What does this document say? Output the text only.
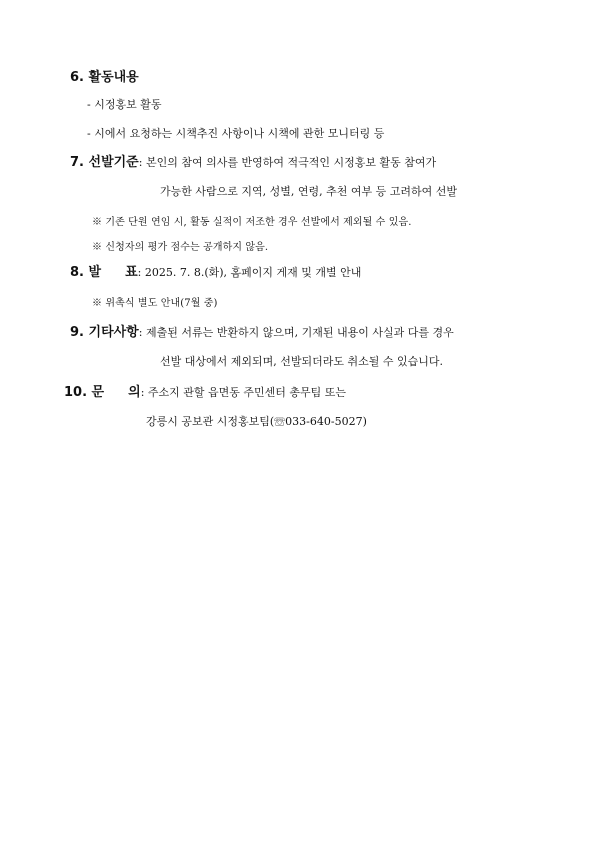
6. 활동내용
- 시정홍보 활동
- 시에서 요청하는 시책추진 사항이나 시책에 관한 모니터링 등
7. 선발기준: 본인의 참여 의사를 반영하여 적극적인 시정홍보 활동 참여가
가능한 사람으로 지역, 성별, 연령, 추천 여부 등 고려하여 선발
※ 기존 단원 연임 시, 활동 실적이 저조한 경우 선발에서 제외될 수 있음.
※ 신청자의 평가 점수는 공개하지 않음.
8. 발 표: 2025. 7. 8.(화), 홈페이지 게재 및 개별 안내
※ 위촉식 별도 안내(7월 중)
9. 기타사항: 제출된 서류는 반환하지 않으며, 기재된 내용이 사실과 다를 경우
선발 대상에서 제외되며, 선발되더라도 취소될 수 있습니다.
10. 문 의: 주소지 관할 읍면동 주민센터 총무팀 또는
강릉시 공보관 시정홍보팀(☏033-640-5027)
